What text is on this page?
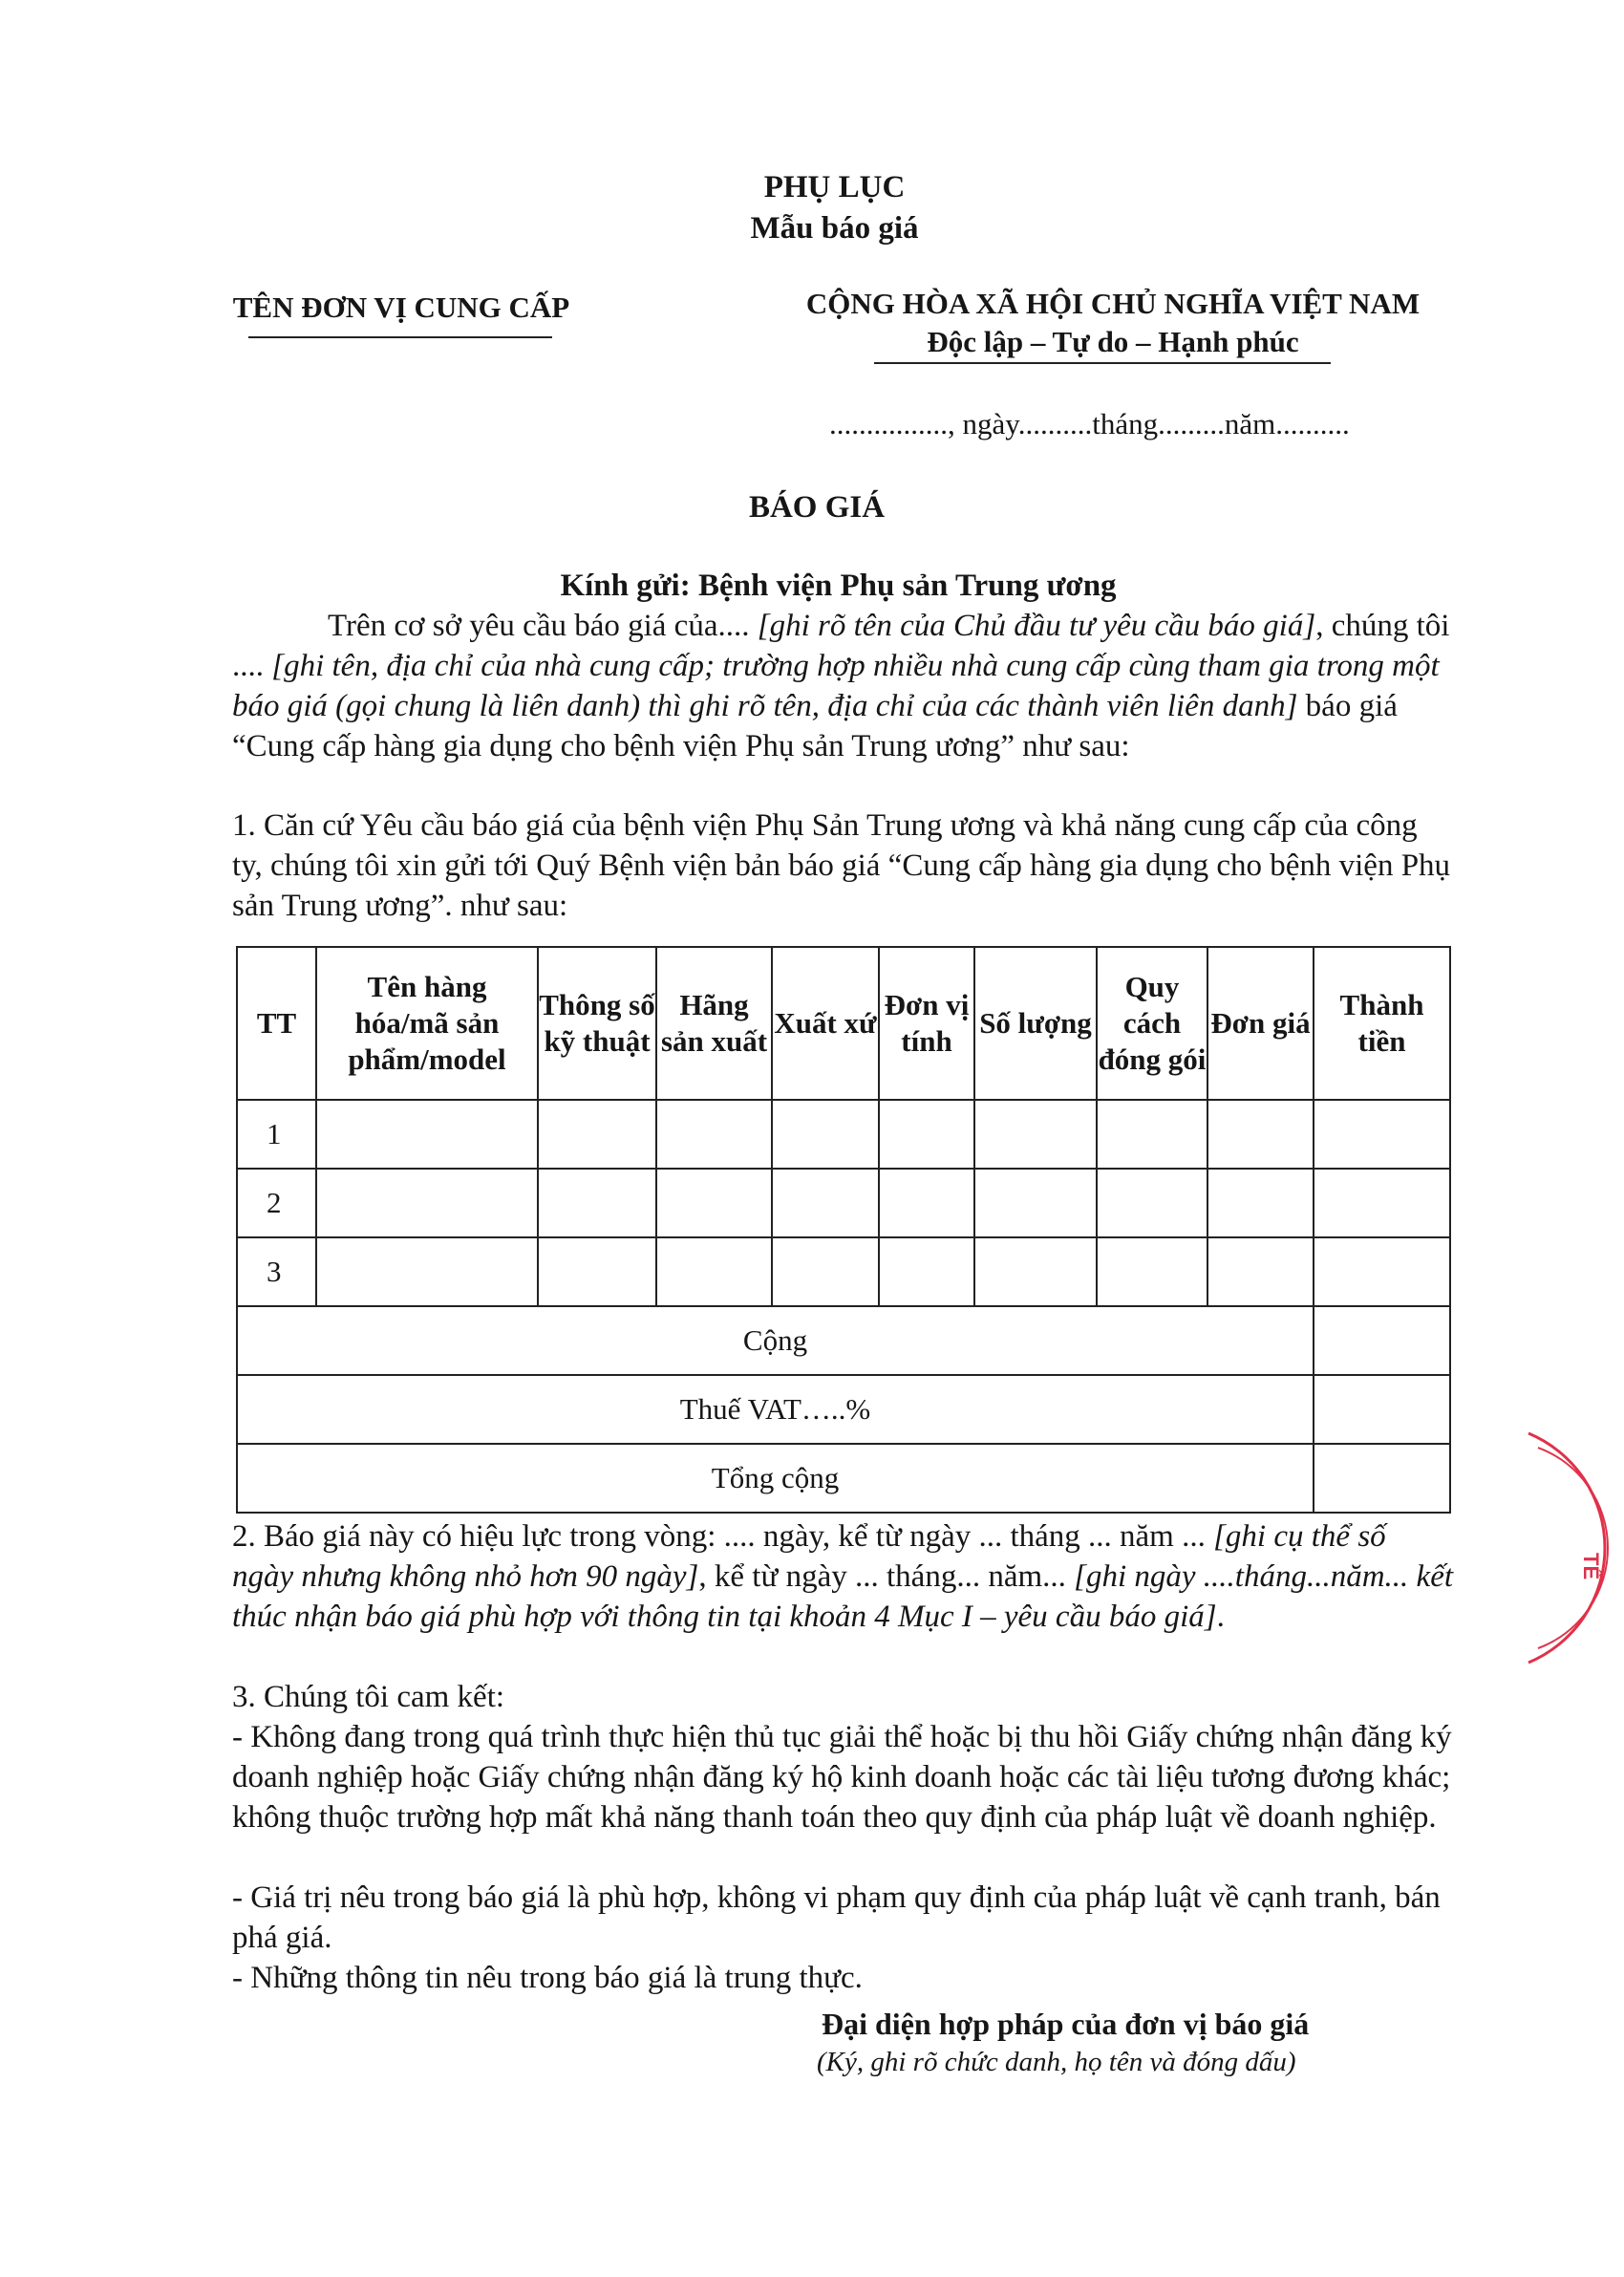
PHỤ LỤC
Mẫu báo giá
TÊN ĐƠN VỊ CUNG CẤP	CỘNG HÒA XÃ HỘI CHỦ NGHĨA VIỆT NAM
Độc lập – Tự do – Hạnh phúc
................, ngày..........tháng.........năm..........
BÁO GIÁ
Kính gửi: Bệnh viện Phụ sản Trung ương
Trên cơ sở yêu cầu báo giá của.... [ghi rõ tên của Chủ đầu tư yêu cầu báo giá], chúng tôi .... [ghi tên, địa chỉ của nhà cung cấp; trường hợp nhiều nhà cung cấp cùng tham gia trong một báo giá (gọi chung là liên danh) thì ghi rõ tên, địa chỉ của các thành viên liên danh] báo giá “Cung cấp hàng gia dụng cho bệnh viện Phụ sản Trung ương” như sau:
1. Căn cứ Yêu cầu báo giá của bệnh viện Phụ Sản Trung ương và khả năng cung cấp của công ty, chúng tôi xin gửi tới Quý Bệnh viện bản báo giá “Cung cấp hàng gia dụng cho bệnh viện Phụ sản Trung ương”. như sau:
TT	Tên hàng hóa/mã sản phẩm/model	Thông số kỹ thuật	Hãng sản xuất	Xuất xứ	Đơn vị tính	Số lượng	Quy cách đóng gói	Đơn giá	Thành tiền
1									
2									
3									
Cộng									
Thuế VAT…..%									
Tổng cộng									
2. Báo giá này có hiệu lực trong vòng: .... ngày, kể từ ngày ... tháng ... năm ... [ghi cụ thể số ngày nhưng không nhỏ hơn 90 ngày], kể từ ngày ... tháng... năm... [ghi ngày ....tháng...năm... kết thúc nhận báo giá phù hợp với thông tin tại khoản 4 Mục I – yêu cầu báo giá].
3. Chúng tôi cam kết:
- Không đang trong quá trình thực hiện thủ tục giải thể hoặc bị thu hồi Giấy chứng nhận đăng ký doanh nghiệp hoặc Giấy chứng nhận đăng ký hộ kinh doanh hoặc các tài liệu tương đương khác; không thuộc trường hợp mất khả năng thanh toán theo quy định của pháp luật về doanh nghiệp.
- Giá trị nêu trong báo giá là phù hợp, không vi phạm quy định của pháp luật về cạnh tranh, bán phá giá.
- Những thông tin nêu trong báo giá là trung thực.
Đại diện hợp pháp của đơn vị báo giá
(Ký, ghi rõ chức danh, họ tên và đóng dấu)
TẾ
